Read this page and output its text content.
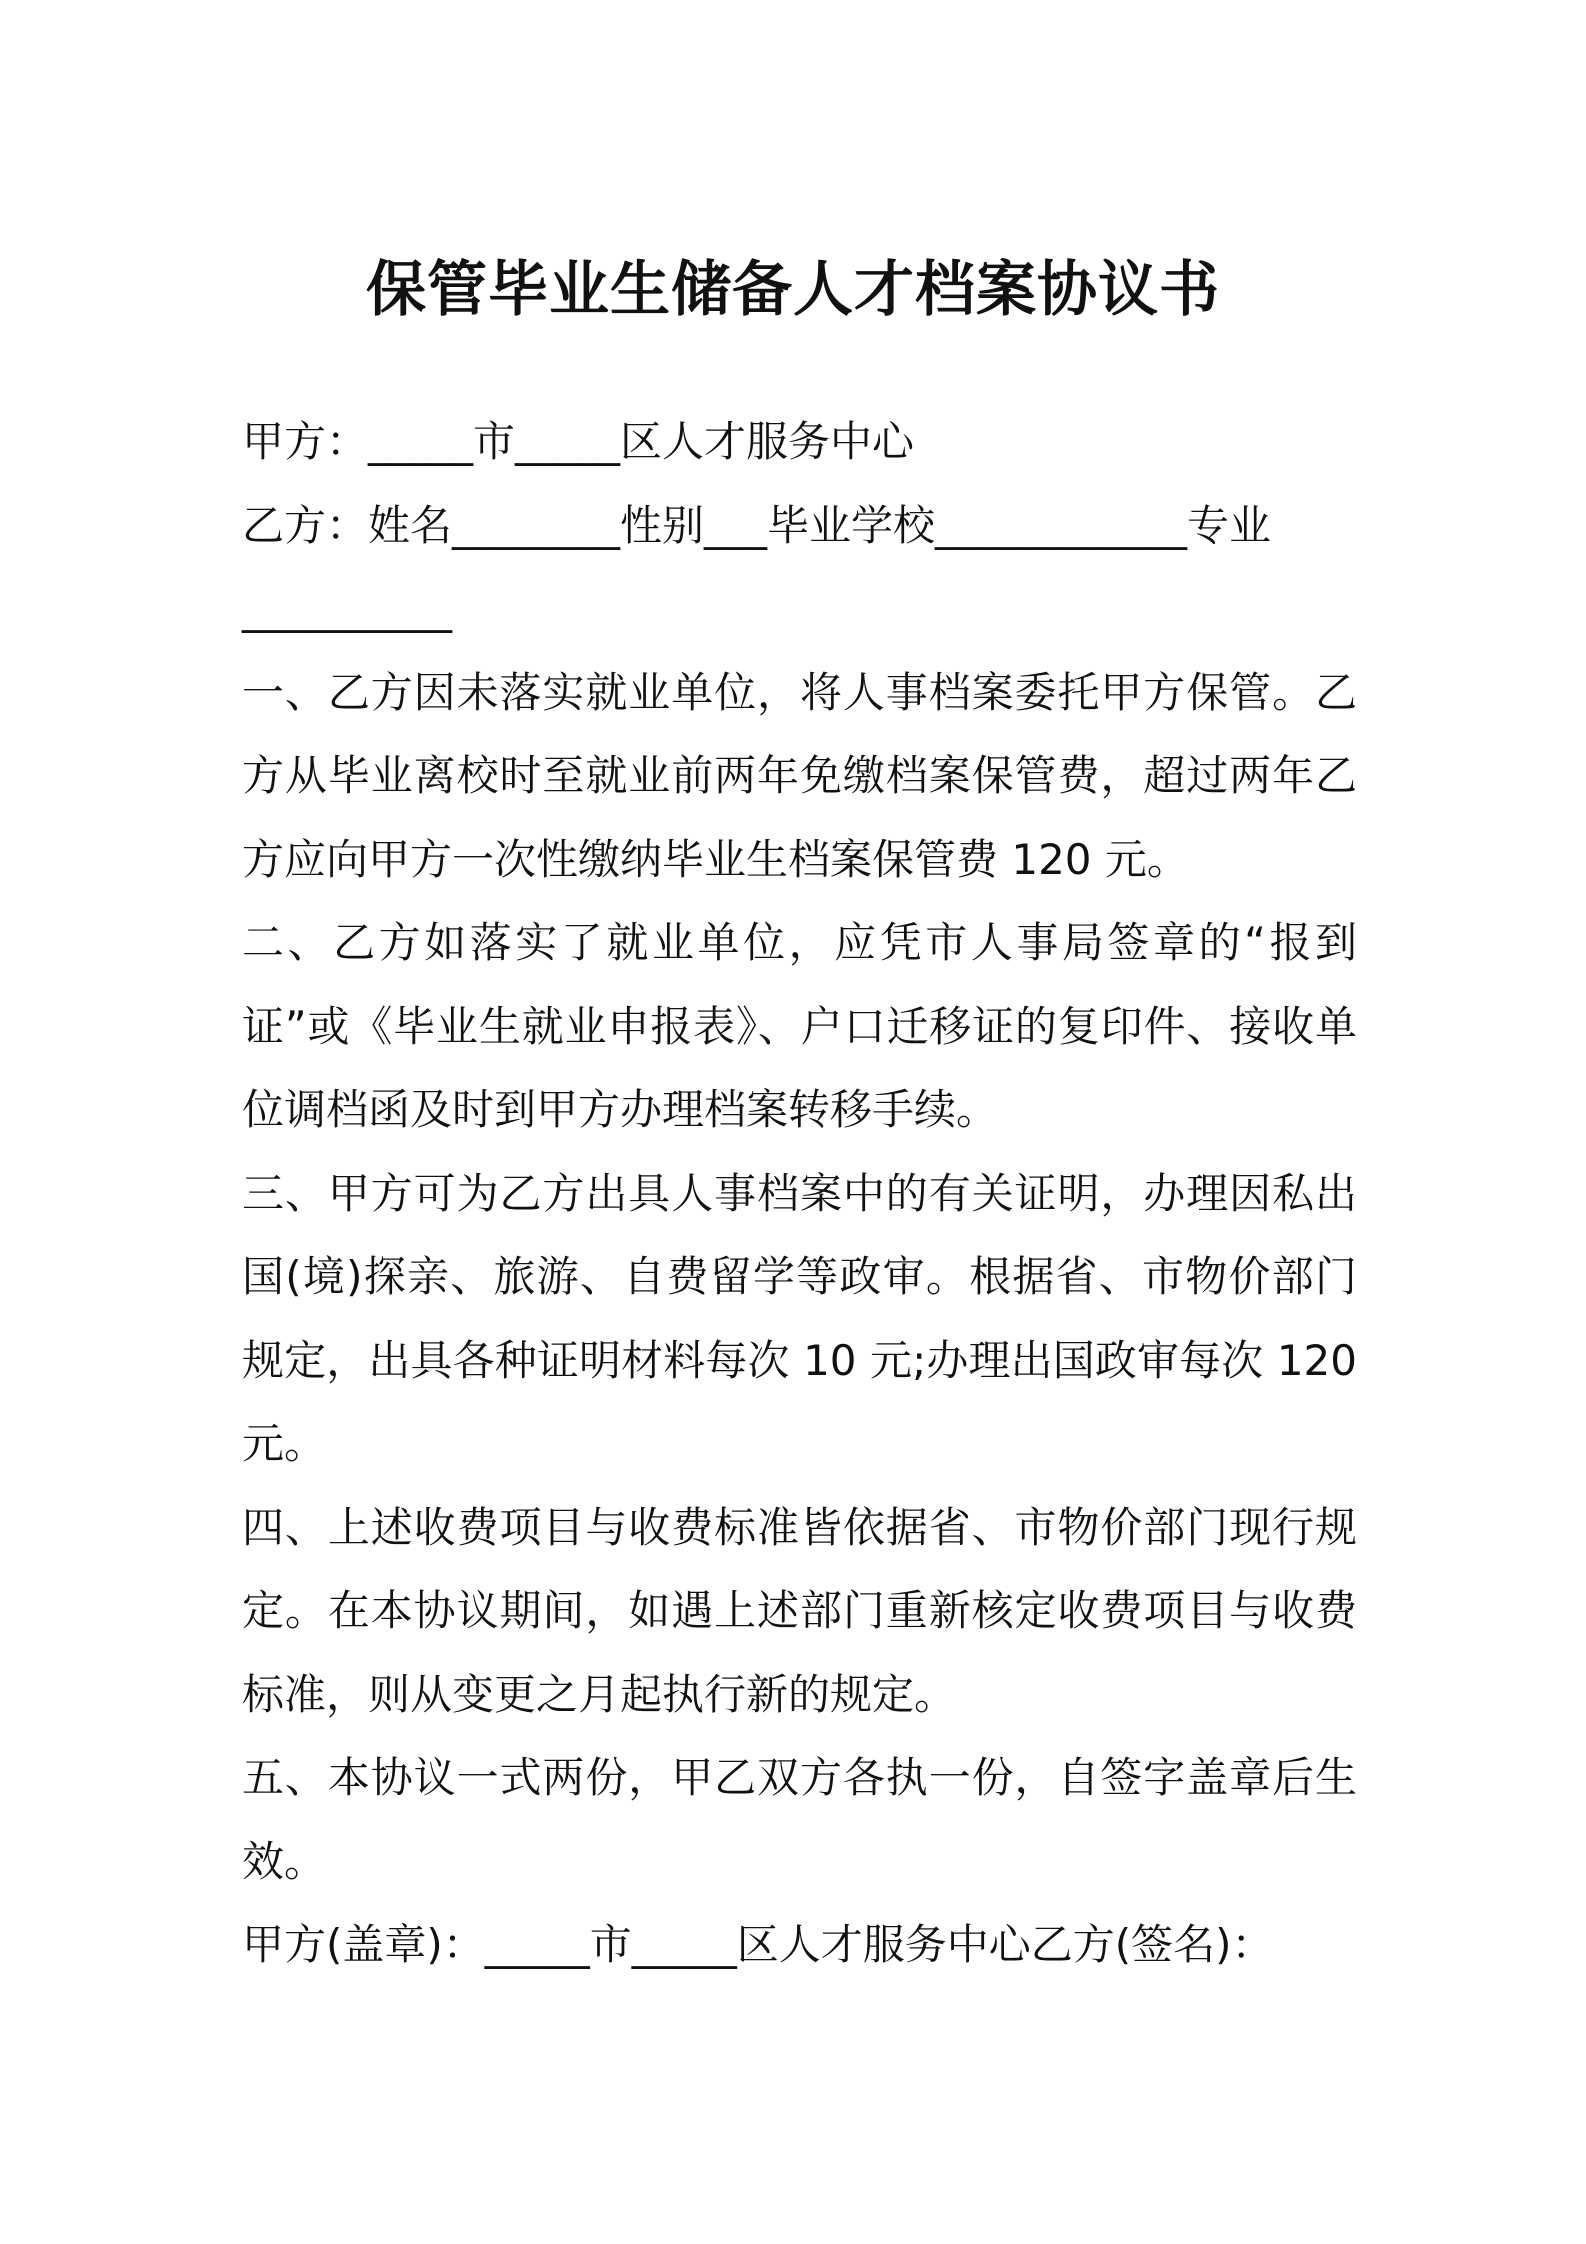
保管毕业生储备人才档案协议书

甲方：_____市_____区人才服务中心

乙方：姓名________性别___毕业学校____________专业

__________

一、乙方因未落实就业单位，将人事档案委托甲方保管。乙方从毕业离校时至就业前两年免缴档案保管费，超过两年乙方应向甲方一次性缴纳毕业生档案保管费 120 元。

二、乙方如落实了就业单位，应凭市人事局签章的“报到证”或《毕业生就业申报表》、户口迁移证的复印件、接收单位调档函及时到甲方办理档案转移手续。

三、甲方可为乙方出具人事档案中的有关证明，办理因私出国(境)探亲、旅游、自费留学等政审。根据省、市物价部门规定，出具各种证明材料每次 10 元;办理出国政审每次 120 元。

四、上述收费项目与收费标准皆依据省、市物价部门现行规定。在本协议期间，如遇上述部门重新核定收费项目与收费标准，则从变更之月起执行新的规定。

五、本协议一式两份，甲乙双方各执一份，自签字盖章后生效。

甲方(盖章)：_____市_____区人才服务中心乙方(签名)：
